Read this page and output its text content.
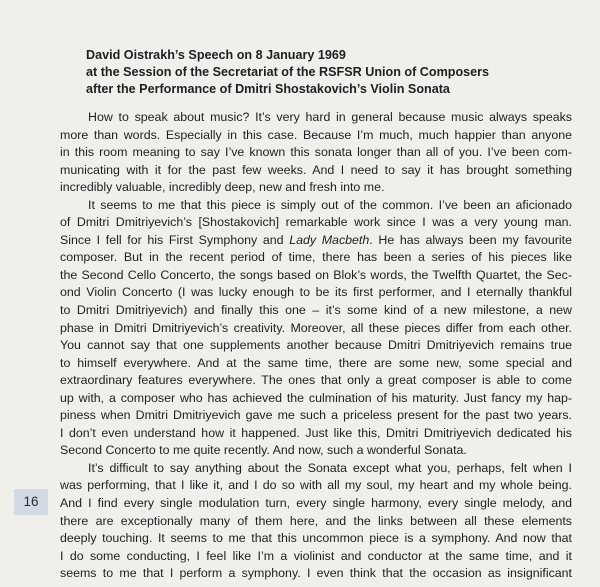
David Oistrakh’s Speech on 8 January 1969
at the Session of the Secretariat of the RSFSR Union of Composers
after the Performance of Dmitri Shostakovich’s Violin Sonata
How to speak about music? It’s very hard in general because music always speaks
more than words. Especially in this case. Because I’m much, much happier than anyone
in this room meaning to say I’ve known this sonata longer than all of you. I’ve been com-
municating with it for the past few weeks. And I need to say it has brought something
incredibly valuable, incredibly deep, new and fresh into me.
It seems to me that this piece is simply out of the common. I’ve been an aficionado
of Dmitri Dmitriyevich’s [Shostakovich] remarkable work since I was a very young man.
Since I fell for his First Symphony and Lady Macbeth. He has always been my favourite
composer. But in the recent period of time, there has been a series of his pieces like
the Second Cello Concerto, the songs based on Blok’s words, the Twelfth Quartet, the Sec-
ond Violin Concerto (I was lucky enough to be its first performer, and I eternally thankful
to Dmitri Dmitriyevich) and finally this one – it’s some kind of a new milestone, a new
phase in Dmitri Dmitriyevich’s creativity. Moreover, all these pieces differ from each other.
You cannot say that one supplements another because Dmitri Dmitriyevich remains true
to himself everywhere. And at the same time, there are some new, some special and
extraordinary features everywhere. The ones that only a great composer is able to come
up with, a composer who has achieved the culmination of his maturity. Just fancy my hap-
piness when Dmitri Dmitriyevich gave me such a priceless present for the past two years.
I don’t even understand how it happened. Just like this, Dmitri Dmitriyevich dedicated his
Second Concerto to me quite recently. And now, such a wonderful Sonata.
It’s difficult to say anything about the Sonata except what you, perhaps, felt when I
was performing, that I like it, and I do so with all my soul, my heart and my whole being.
And I find every single modulation turn, every single harmony, every single melody, and
there are exceptionally many of them here, and the links between all these elements
deeply touching. It seems to me that this uncommon piece is a symphony. And now that
I do some conducting, I feel like I’m a violinist and conductor at the same time, and it
seems to me that I perform a symphony. I even think that the occasion as insignificant
16
